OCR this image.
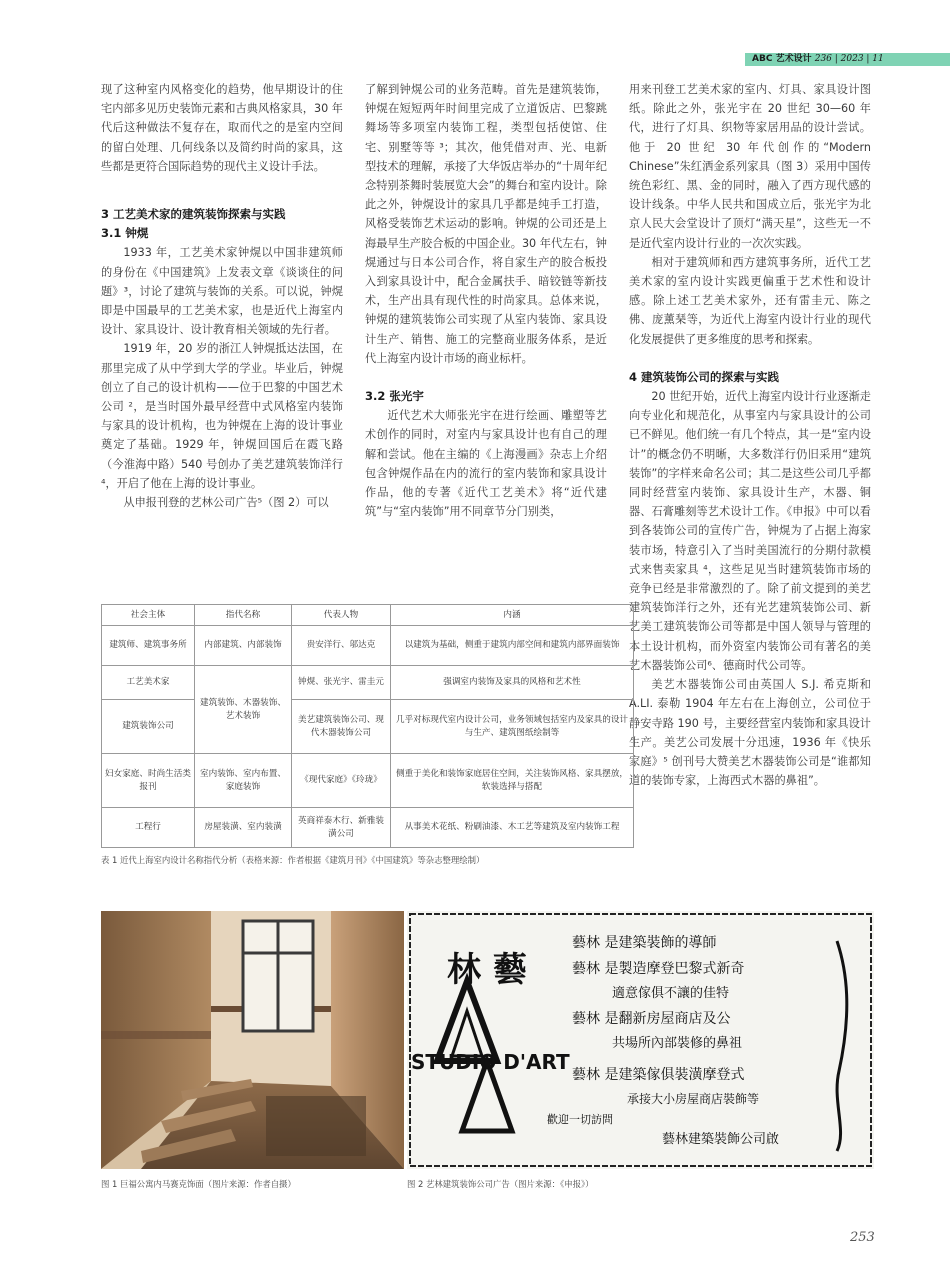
ABC 艺术设计 236 | 2023 | 11

现了这种室内风格变化的趋势，他早期设计的住宅内部多见历史装饰元素和古典风格家具，30 年代后这种做法不复存在，取而代之的是室内空间的留白处理、几何线条以及简约时尚的家具，这些都是更符合国际趋势的现代主义设计手法。

3 工艺美术家的建筑装饰探索与实践
3.1 钟熀

1933 年，工艺美术家钟熀以中国非建筑师的身份在《中国建筑》上发表文章《谈谈住的问题》³，讨论了建筑与装饰的关系。可以说，钟熀即是中国最早的工艺美术家，也是近代上海室内设计、家具设计、设计教育相关领域的先行者。

1919 年，20 岁的浙江人钟熀抵达法国，在那里完成了从中学到大学的学业。毕业后，钟熀创立了自己的设计机构——位于巴黎的中国艺术公司 ²，是当时国外最早经营中式风格室内装饰与家具的设计机构，也为钟熀在上海的设计事业奠定了基础。1929 年，钟熀回国后在霞飞路（今淮海中路）540 号创办了美艺建筑装饰洋行⁴，开启了他在上海的设计事业。

从申报刊登的艺林公司广告⁵（图 2）可以

了解到钟熀公司的业务范畴。首先是建筑装饰，钟熀在短短两年时间里完成了立道饭店、巴黎跳舞场等多项室内装饰工程，类型包括使馆、住宅、别墅等等 ³；其次，他凭借对声、光、电新型技术的理解，承接了大华饭店举办的“十周年纪念特别茶舞时装展览大会”的舞台和室内设计。除此之外，钟熀设计的家具几乎都是纯手工打造，风格受装饰艺术运动的影响。钟熀的公司还是上海最早生产胶合板的中国企业。30 年代左右，钟熀通过与日本公司合作，将自家生产的胶合板投入到家具设计中，配合金属扶手、暗铰链等新技术，生产出具有现代性的时尚家具。总体来说，钟熀的建筑装饰公司实现了从室内装饰、家具设计生产、销售、施工的完整商业服务体系，是近代上海室内设计市场的商业标杆。

3.2 张光宇

近代艺术大师张光宇在进行绘画、雕塑等艺术创作的同时，对室内与家具设计也有自己的理解和尝试。他在主编的《上海漫画》杂志上介绍包含钟熀作品在内的流行的室内装饰和家具设计作品，他的专著《近代工艺美术》将“近代建筑”与“室内装饰”用不同章节分门别类，

用来刊登工艺美术家的室内、灯具、家具设计图纸。除此之外，张光宇在 20 世纪 30—60 年代，进行了灯具、织物等家居用品的设计尝试。他于 20 世纪 30 年代创作的“Modern Chinese”朱红洒金系列家具（图 3）采用中国传统色彩红、黑、金的同时，融入了西方现代感的设计线条。中华人民共和国成立后，张光宇为北京人民大会堂设计了顶灯“满天星”，这些无一不是近代室内设计行业的一次次实践。

相对于建筑师和西方建筑事务所，近代工艺美术家的室内设计实践更偏重于艺术性和设计感。除上述工艺美术家外，还有雷圭元、陈之佛、庞薰琹等，为近代上海室内设计行业的现代化发展提供了更多维度的思考和探索。

4 建筑装饰公司的探索与实践

20 世纪开始，近代上海室内设计行业逐渐走向专业化和规范化，从事室内与家具设计的公司已不鲜见。他们统一有几个特点，其一是“室内设计”的概念仍不明晰，大多数洋行仍旧采用“建筑装饰”的字样来命名公司；其二是这些公司几乎都同时经营室内装饰、家具设计生产，木器、铜器、石膏雕刻等艺术设计工作。《申报》中可以看到各装饰公司的宣传广告，钟熀为了占据上海家装市场，特意引入了当时美国流行的分期付款模式来售卖家具 ⁴，这些足见当时建筑装饰市场的竞争已经是非常激烈的了。除了前文提到的美艺建筑装饰洋行之外，还有光艺建筑装饰公司、新艺美工建筑装饰公司等都是中国人领导与管理的本土设计机构，而外资室内装饰公司有著名的美艺木器装饰公司⁶、德商时代公司等。

美艺木器装饰公司由英国人 S.J. 希克斯和 A.LI. 泰勒 1904 年左右在上海创立，公司位于静安寺路 190 号，主要经营室内装饰和家具设计生产。美艺公司发展十分迅速，1936 年《快乐家庭》⁵ 创刊号大赞美艺木器装饰公司是“谁都知道的装饰专家，上海西式木器的鼻祖”。

社会主体	指代名称	代表人物	内涵
建筑师、建筑事务所	内部建筑、内部装饰	贵安洋行、邬达克	以建筑为基础，侧重于建筑内部空间和建筑内部界面装饰
工艺美术家	建筑装饰、木器装饰、艺术装饰	钟熀、张光宇、雷圭元	强调室内装饰及家具的风格和艺术性
建筑装饰公司		美艺建筑装饰公司、现代木器装饰公司	几乎对标现代室内设计公司，业务领域包括室内及家具的设计与生产、建筑图纸绘制等
妇女家庭、时尚生活类报刊	室内装饰、室内布置、家庭装饰	《现代家庭》《玲珑》	侧重于美化和装饰家庭居住空间，关注装饰风格、家具摆放，软装选择与搭配
工程行	房屋装潢、室内装潢	英商祥泰木行、新雅装潢公司	从事美术花纸、粉刷油漆、木工艺等建筑及室内装饰工程
表 1 近代上海室内设计名称指代分析（表格来源：作者根据《建筑月刊》《中国建筑》等杂志整理绘制）
图 1 巨福公寓内马赛克饰面（图片来源：作者自摄）
林 藝
STUDIO D'ART
藝林 是建築裝飾的導師
藝林 是製造摩登巴黎式新奇
適意傢俱不讓的佳特
藝林 是翻新房屋商店及公
共場所內部裝修的鼻祖
藝林 是建築傢俱裝潢摩登式
承接大小房屋商店裝飾等
藝林建築裝飾公司啟
歡迎一切訪問
图 2 艺林建筑装饰公司广告（图片来源：《申报》）
253
